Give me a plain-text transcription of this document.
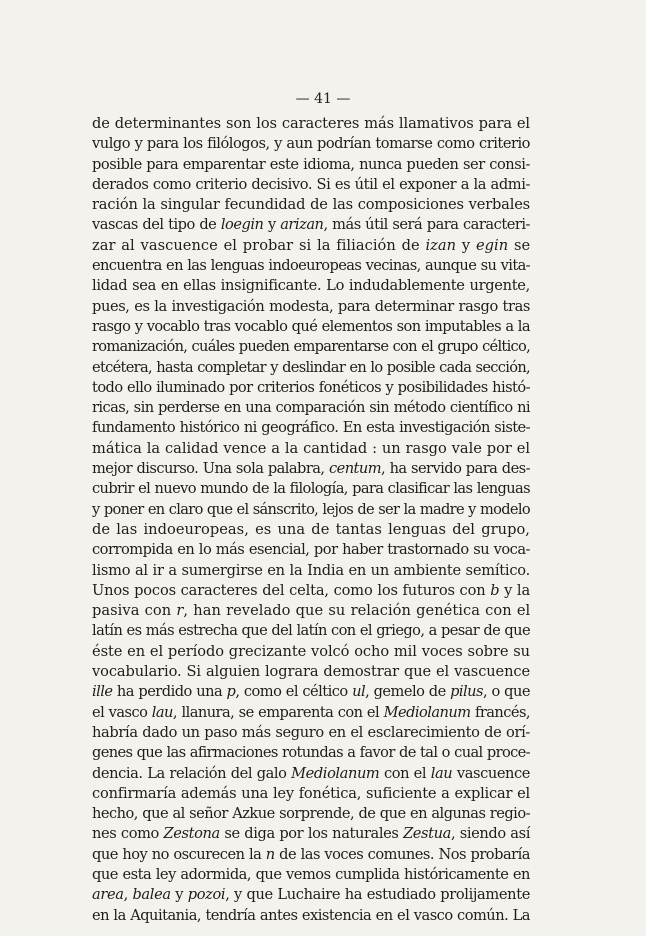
— 41 —
de determinantes son los caracteres más llamativos para el
vulgo y para los filólogos, y aun podrían tomarse como criterio
posible para emparentar este idioma, nunca pueden ser consi-
derados como criterio decisivo. Si es útil el exponer a la admi-
ración la singular fecundidad de las composiciones verbales
vascas del tipo de loegin y arizan, más útil será para caracteri-
zar al vascuence el probar si la filiación de izan y egin se
encuentra en las lenguas indoeuropeas vecinas, aunque su vita-
lidad sea en ellas insignificante. Lo indudablemente urgente,
pues, es la investigación modesta, para determinar rasgo tras
rasgo y vocablo tras vocablo qué elementos son imputables a la
romanización, cuáles pueden emparentarse con el grupo céltico,
etcétera, hasta completar y deslindar en lo posible cada sección,
todo ello iluminado por criterios fonéticos y posibilidades histó-
ricas, sin perderse en una comparación sin método científico ni
fundamento histórico ni geográfico. En esta investigación siste-
mática la calidad vence a la cantidad : un rasgo vale por el
mejor discurso. Una sola palabra, centum, ha servido para des-
cubrir el nuevo mundo de la filología, para clasificar las lenguas
y poner en claro que el sánscrito, lejos de ser la madre y modelo
de las indoeuropeas, es una de tantas lenguas del grupo,
corrompida en lo más esencial, por haber trastornado su voca-
lismo al ir a sumergirse en la India en un ambiente semítico.
Unos pocos caracteres del celta, como los futuros con b y la
pasiva con r, han revelado que su relación genética con el
latín es más estrecha que del latín con el griego, a pesar de que
éste en el período grecizante volcó ocho mil voces sobre su
vocabulario. Si alguien lograra demostrar que el vascuence
ille ha perdido una p, como el céltico ul, gemelo de pilus, o que
el vasco lau, llanura, se emparenta con el Mediolanum francés,
habría dado un paso más seguro en el esclarecimiento de orí-
genes que las afirmaciones rotundas a favor de tal o cual proce-
dencia. La relación del galo Mediolanum con el lau vascuence
confirmaría además una ley fonética, suficiente a explicar el
hecho, que al señor Azkue sorprende, de que en algunas regio-
nes como Zestona se diga por los naturales Zestua, siendo así
que hoy no oscurecen la n de las voces comunes. Nos probaría
que esta ley adormida, que vemos cumplida históricamente en
area, balea y pozoi, y que Luchaire ha estudiado prolijamente
en la Aquitania, tendría antes existencia en el vasco común. La
